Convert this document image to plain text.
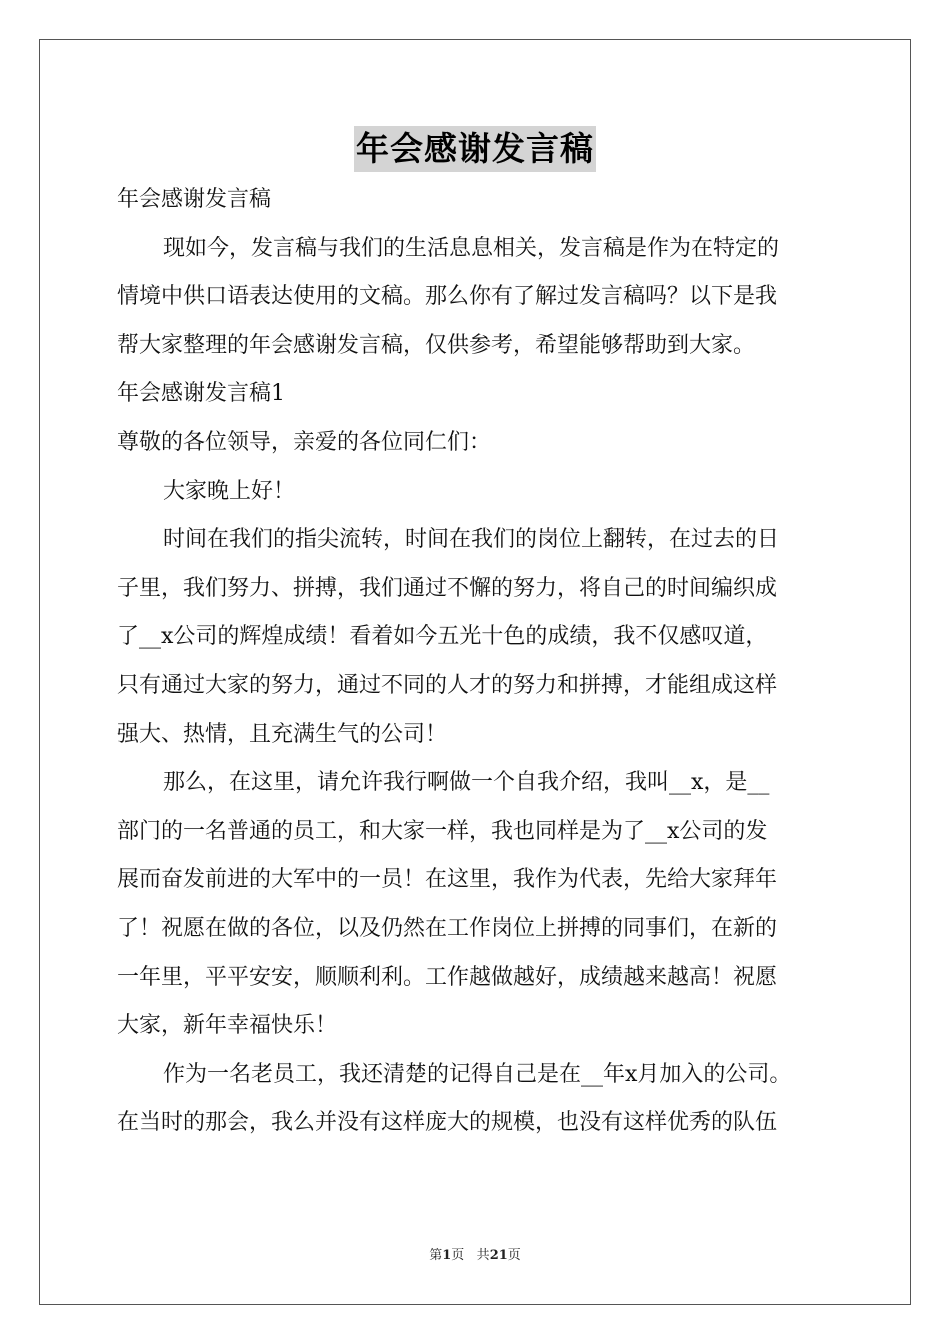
年会感谢发言稿
年会感谢发言稿
现如今，发言稿与我们的生活息息相关，发言稿是作为在特定的
情境中供口语表达使用的文稿。那么你有了解过发言稿吗？以下是我
帮大家整理的年会感谢发言稿，仅供参考，希望能够帮助到大家。
年会感谢发言稿1
尊敬的各位领导，亲爱的各位同仁们：
大家晚上好！
时间在我们的指尖流转，时间在我们的岗位上翻转，在过去的日
子里，我们努力、拼搏，我们通过不懈的努力，将自己的时间编织成
了__x公司的辉煌成绩！看着如今五光十色的成绩，我不仅感叹道，
只有通过大家的努力，通过不同的人才的努力和拼搏，才能组成这样
强大、热情，且充满生气的公司！
那么，在这里，请允许我行啊做一个自我介绍，我叫__x，是__
部门的一名普通的员工，和大家一样，我也同样是为了__x公司的发
展而奋发前进的大军中的一员！在这里，我作为代表，先给大家拜年
了！祝愿在做的各位，以及仍然在工作岗位上拼搏的同事们，在新的
一年里，平平安安，顺顺利利。工作越做越好，成绩越来越高！祝愿
大家，新年幸福快乐！
作为一名老员工，我还清楚的记得自己是在__年x月加入的公司。
在当时的那会，我么并没有这样庞大的规模，也没有这样优秀的队伍
第1页 共21页
